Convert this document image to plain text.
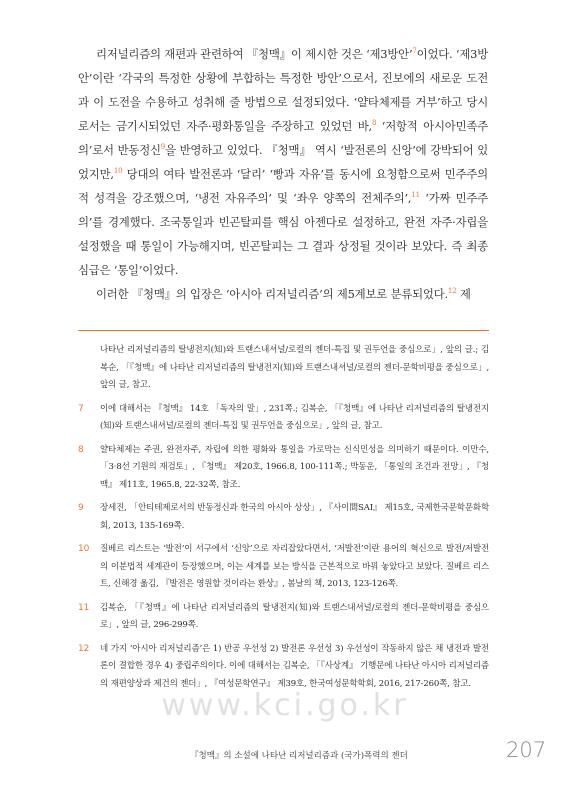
리저널리즘의 재편과 관련하여 『청맥』이 제시한 것은 ‘제3방안’$^7$이었다. ‘제3방안’이란 ‘각국의 특정한 상황에 부합하는 특정한 방안’으로서, 진보에의 새로운 도전과 이 도전을 수용하고 성취해 줄 방법으로 설정되었다. ‘얄타체제를 거부’하고 당시로서는 금기시되었던 자주·평화통일을 주장하고 있었던 바,$^8$ ‘저항적 아시아민족주의’로서 반동정신$^9$을 반영하고 있었다. 『청맥』 역시 ‘발전론의 신앙’에 강박되어 있었지만,$^{10}$ 당대의 여타 발전론과 ‘달리’ ‘빵과 자유’를 동시에 요청함으로써 민주주의적 성격을 강조했으며, ‘냉전 자유주의’ 및 ‘좌우 양쪽의 전체주의’,$^{11}$ ‘가짜 민주주의’를 경계했다. 조국통일과 빈곤탈피를 핵심 아젠다로 설정하고, 완전 자주·자립을 설정했을 때 통일이 가능해지며, 빈곤탈피는 그 결과 상정될 것이라 보았다. 즉 최종 심급은 ‘통일’이었다.

이러한 『청맥』의 입장은 ‘아시아 리저널리즘’의 제5계보로 분류되었다.$^{12}$ 제

나타난 리저널리즘의 탈냉전지(知)와 트랜스내셔널/로컬의 젠더-특집 및 권두언을 중심으로」, 앞의 글.; 김복순, 「『청맥』에 나타난 리저널리즘의 탈냉전지(知)와 트랜스내셔널/로컬의 젠더-문학비평을 중심으로」, 앞의 글, 참고.
7 이에 대해서는 『청맥』 14호 「독자의 말」, 231쪽.; 김복순, 「『청맥』에 나타난 리저널리즘의 탈냉전지(知)와 트랜스내셔널/로컬의 젠더-특집 및 권두언을 중심으로」, 앞의 글, 참고.
8 얄타체제는 주권, 완전자주, 자립에 의한 평화와 통일을 가로막는 신식민성을 의미하기 때문이다. 이만수, 「3·8선 기원의 재검토」, 『청맥』 제20호, 1966.8, 100-111쪽.; 박동운, 「통일의 조건과 전망」, 『청맥』 제11호, 1965.8, 22-32쪽, 참조.
9 장세진, 「안티테제로서의 반동정신과 한국의 아시아 상상」, 『사이間SAI』 제15호, 국제한국문학문화학회, 2013, 135-169쪽.
10 질베르 리스트는 ‘발전’이 서구에서 ‘신앙’으로 자리잡았다면서, ‘저발전’이란 용어의 혁신으로 발전/저발전의 이분법적 세계관이 등장했으며, 이는 세계를 보는 방식을 근본적으로 바꿔 놓았다고 보았다. 질베르 리스트, 신해경 옮김, 『발전은 영원할 것이라는 환상』, 봄날의 책, 2013, 123-126쪽.
11 김복순, 「『청맥』에 나타난 리저널리즘의 탈냉전지(知)와 트랜스내셔널/로컬의 젠더-문학비평을 중심으로」, 앞의 글, 296-299쪽.
12 네 가지 ‘아시아 리저널리즘’은 1) 반공 우선성 2) 발전론 우선성 3) 우선성이 작동하지 않은 채 냉전과 발전론이 결합한 경우 4) 중립주의이다. 이에 대해서는 김복순, 「『사상계』 기행문에 나타난 아시아 리저널리즘의 재편양상과 제건의 젠더」, 『여성문학연구』 제39호, 한국여성문학학회, 2016, 217-260쪽, 참고.
www.kci.go.kr
『청맥』의 소설에 나타난 리저널리즘과 (국가)폭력의 젠더	207
